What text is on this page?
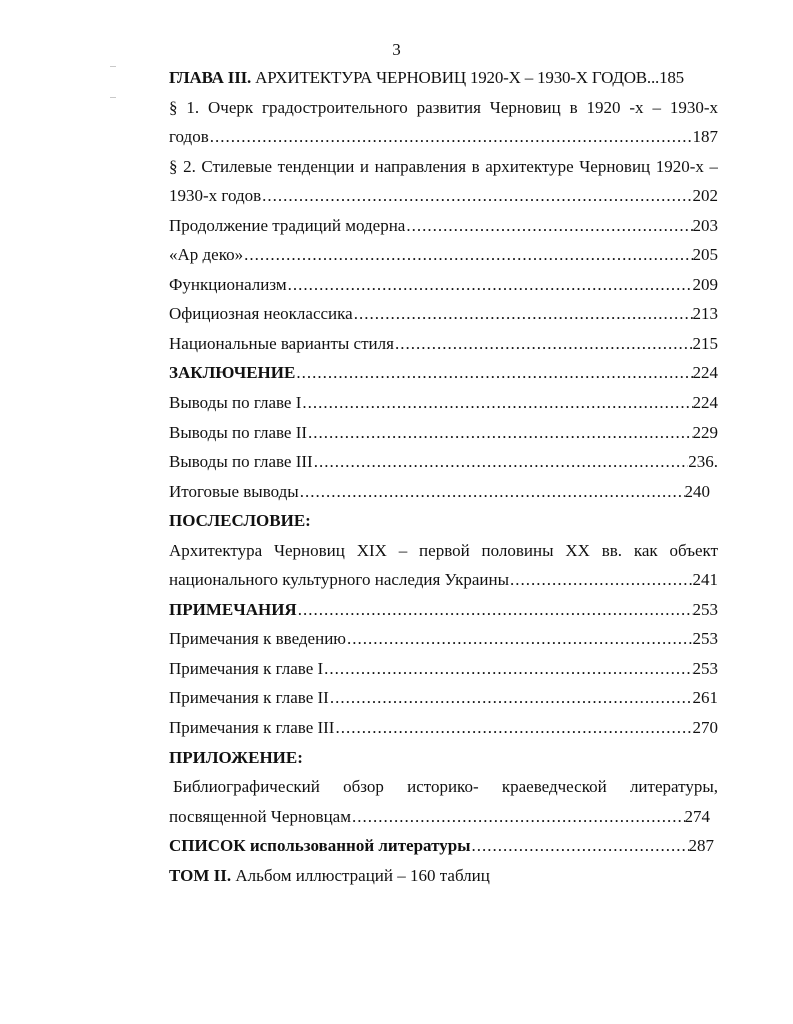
3
ГЛАВА III. АРХИТЕКТУРА ЧЕРНОВИЦ 1920-Х – 1930-Х ГОДОВ...185
§ 1. Очерк градостроительного развития Черновиц в 1920 -х – 1930-х
годов .....	187
§ 2. Стилевые тенденции и направления в архитектуре Черновиц 1920-х –
1930-х годов .....	202
Продолжение традиций модерна .....	203
«Ар деко» .....	205
Функционализм .....	209
Официозная неоклассика .....	213
Национальные варианты стиля .....	215
ЗАКЛЮЧЕНИЕ .....	224
Выводы по главе I .....	224
Выводы по главе II .....	229
Выводы по главе III .....	236.
Итоговые выводы .....	240
ПОСЛЕСЛОВИЕ:
Архитектура Черновиц XIX – первой половины XX вв. как объект
национального культурного наследия Украины .....	241
ПРИМЕЧАНИЯ .....	253
Примечания к введению .....	253
Примечания к главе I .....	253
Примечания к главе II .....	261
Примечания к главе III .....	270
ПРИЛОЖЕНИЕ:
Библиографический обзор историко- краеведческой литературы,
посвященной Черновцам .....	274
СПИСОК использованной литературы .....	287
ТОМ II. Альбом иллюстраций – 160 таблиц
